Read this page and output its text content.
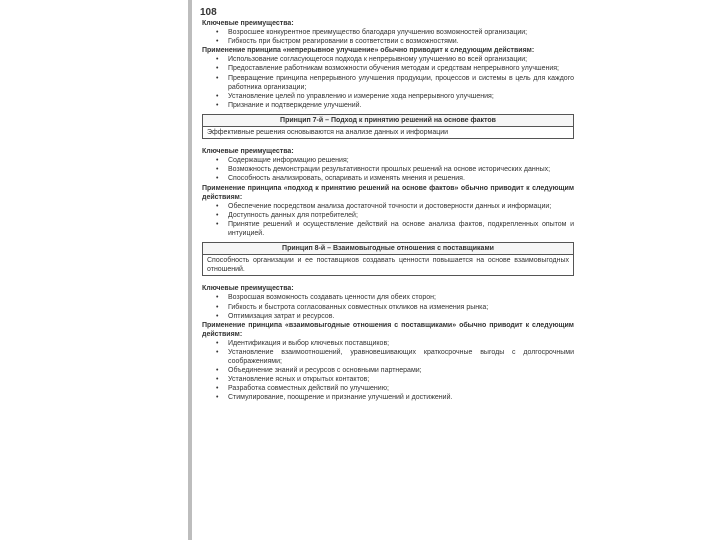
108
Ключевые преимущества:
• Возросшее конкурентное преимущество благодаря улучшению возможностей организации;
• Гибкость при быстром реагировании в соответствии с возможностями.
Применение принципа «непрерывное улучшение» обычно приводит к следующим действиям:
• Использование согласующегося подхода к непрерывному улучшению во всей организации;
• Предоставление работникам возможности обучения методам и средствам непрерывного улучшения;
• Превращение принципа непрерывного улучшения продукции, процессов и системы в цель для каждого работника организации;
• Установление целей по управлению и измерение хода непрерывного улучшения;
• Признание и подтверждение улучшений.
Принцип 7-й – Подход к принятию решений на основе фактов
Эффективные решения основываются на анализе данных и информации
Ключевые преимущества:
• Содержащие информацию решения;
• Возможность демонстрации результативности прошлых решений на основе исторических данных;
• Способность анализировать, оспаривать и изменять мнения и решения.
Применение принципа «подход к принятию решений на основе фактов» обычно приводит к следующим действиям:
• Обеспечение посредством анализа достаточной точности и достоверности данных и информации;
• Доступность данных для потребителей;
• Принятие решений и осуществление действий на основе анализа фактов, подкрепленных опытом и интуицией.
Принцип 8-й – Взаимовыгодные отношения с поставщиками
Способность организации и ее поставщиков создавать ценности повышается на основе взаимовыгодных отношений.
Ключевые преимущества:
• Возросшая возможность создавать ценности для обеих сторон;
• Гибкость и быстрота согласованных совместных откликов на изменения рынка;
• Оптимизация затрат и ресурсов.
Применение принципа «взаимовыгодные отношения с поставщиками» обычно приводит к следующим действиям:
• Идентификация и выбор ключевых поставщиков;
• Установление взаимоотношений, уравновешивающих краткосрочные выгоды с долгосрочными соображениями;
• Объединение знаний и ресурсов с основными партнерами;
• Установление ясных и открытых контактов;
• Разработка совместных действий по улучшению;
• Стимулирование, поощрение и признание улучшений и достижений.
